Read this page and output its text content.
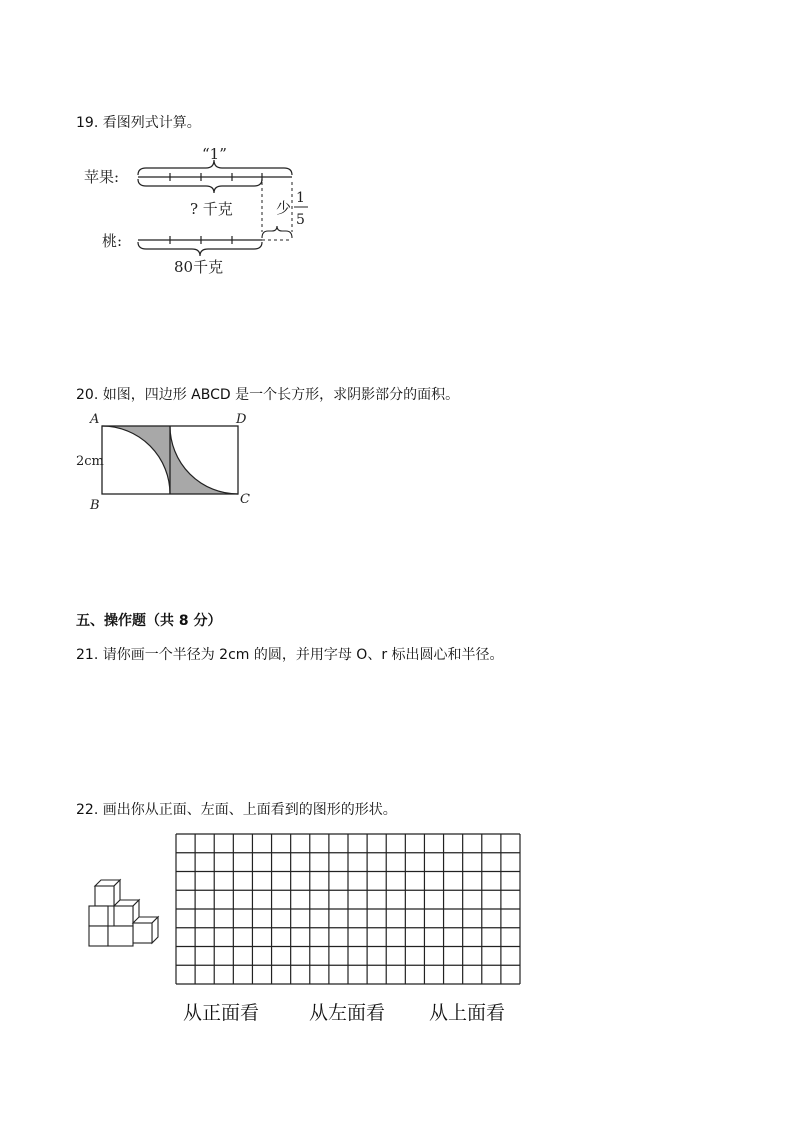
19. 看图列式计算。
苹果:
“1”
? 千克	少
1
5
桃:
80千克
20. 如图，四边形 ABCD 是一个长方形，求阴影部分的面积。
A	D
B	C
2cm
五、操作题（共 8 分）
21. 请你画一个半径为 2cm 的圆，并用字母 O、r 标出圆心和半径。
22. 画出你从正面、左面、上面看到的图形的形状。
从正面看	从左面看 从上面看
